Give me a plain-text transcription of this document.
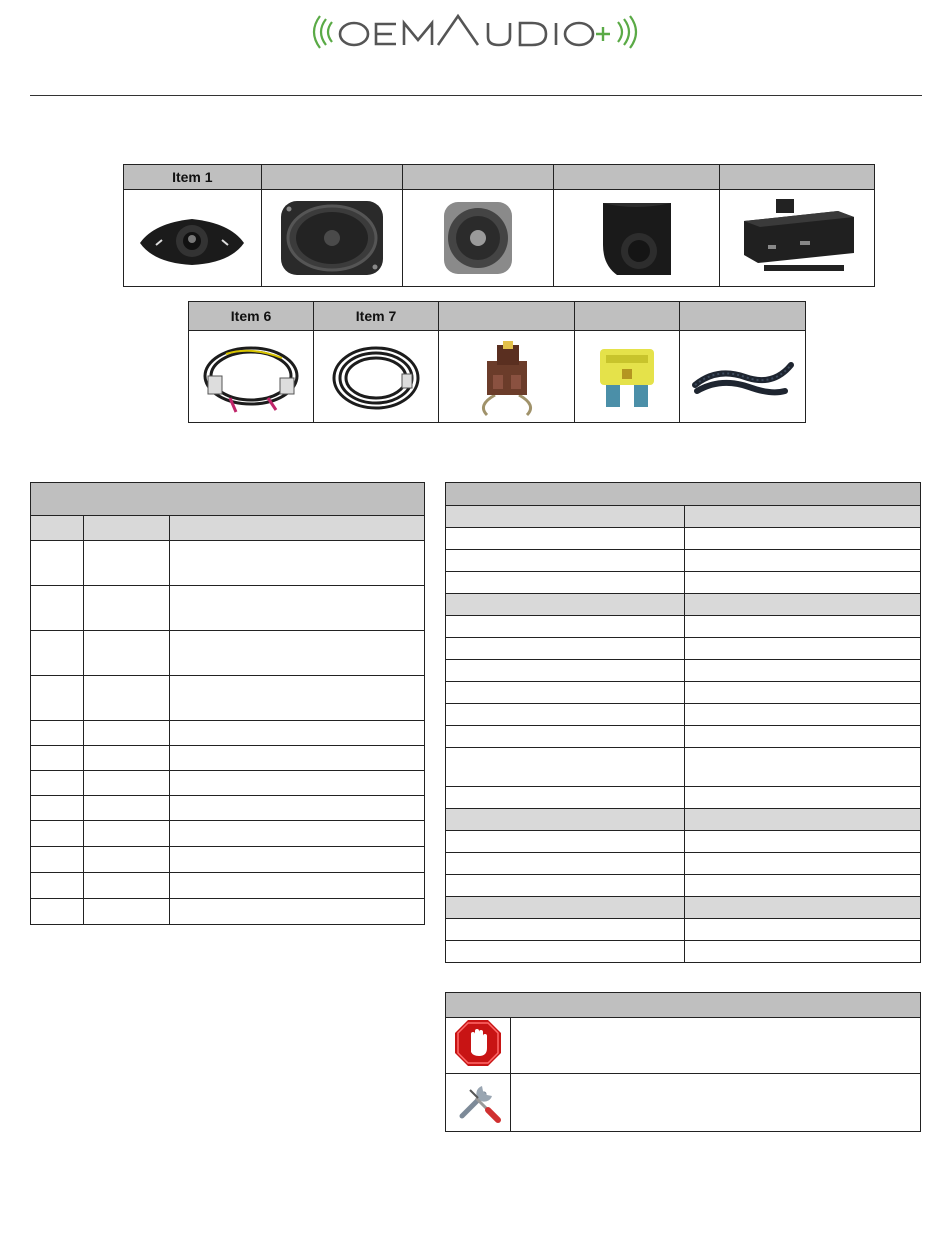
Item 1				

Item 6	Item 7			
